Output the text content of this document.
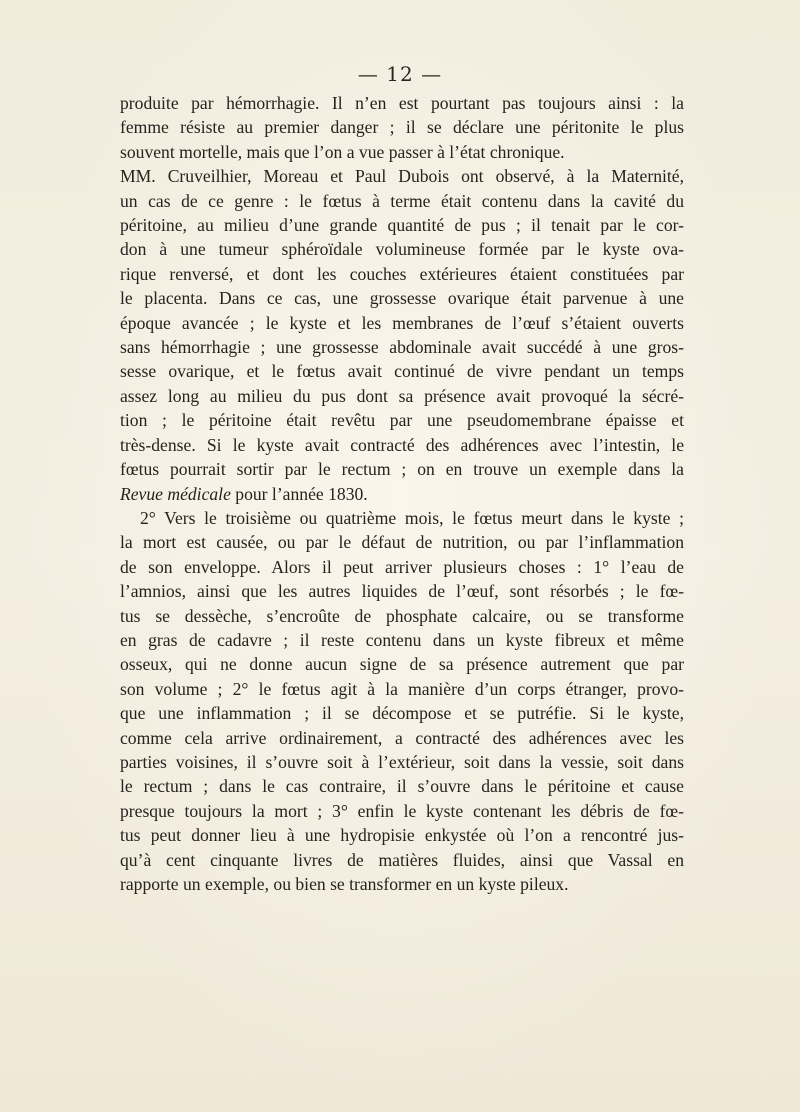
— 12 —
produite par hémorrhagie. Il n’en est pourtant pas toujours ainsi : la
femme résiste au premier danger ; il se déclare une péritonite le plus
souvent mortelle, mais que l’on a vue passer à l’état chronique.
MM. Cruveilhier, Moreau et Paul Dubois ont observé, à la Maternité,
un cas de ce genre : le fœtus à terme était contenu dans la cavité du
péritoine, au milieu d’une grande quantité de pus ; il tenait par le cor-
don à une tumeur sphéroïdale volumineuse formée par le kyste ova-
rique renversé, et dont les couches extérieures étaient constituées par
le placenta. Dans ce cas, une grossesse ovarique était parvenue à une
époque avancée ; le kyste et les membranes de l’œuf s’étaient ouverts
sans hémorrhagie ; une grossesse abdominale avait succédé à une gros-
sesse ovarique, et le fœtus avait continué de vivre pendant un temps
assez long au milieu du pus dont sa présence avait provoqué la sécré-
tion ; le péritoine était revêtu par une pseudomembrane épaisse et
très-dense. Si le kyste avait contracté des adhérences avec l’intestin, le
fœtus pourrait sortir par le rectum ; on en trouve un exemple dans la
Revue médicale pour l’année 1830.
2° Vers le troisième ou quatrième mois, le fœtus meurt dans le kyste ;
la mort est causée, ou par le défaut de nutrition, ou par l’inflammation
de son enveloppe. Alors il peut arriver plusieurs choses : 1° l’eau de
l’amnios, ainsi que les autres liquides de l’œuf, sont résorbés ; le fœ-
tus se dessèche, s’encroûte de phosphate calcaire, ou se transforme
en gras de cadavre ; il reste contenu dans un kyste fibreux et même
osseux, qui ne donne aucun signe de sa présence autrement que par
son volume ; 2° le fœtus agit à la manière d’un corps étranger, provo-
que une inflammation ; il se décompose et se putréfie. Si le kyste,
comme cela arrive ordinairement, a contracté des adhérences avec les
parties voisines, il s’ouvre soit à l’extérieur, soit dans la vessie, soit dans
le rectum ; dans le cas contraire, il s’ouvre dans le péritoine et cause
presque toujours la mort ; 3° enfin le kyste contenant les débris de fœ-
tus peut donner lieu à une hydropisie enkystée où l’on a rencontré jus-
qu’à cent cinquante livres de matières fluides, ainsi que Vassal en
rapporte un exemple, ou bien se transformer en un kyste pileux.
